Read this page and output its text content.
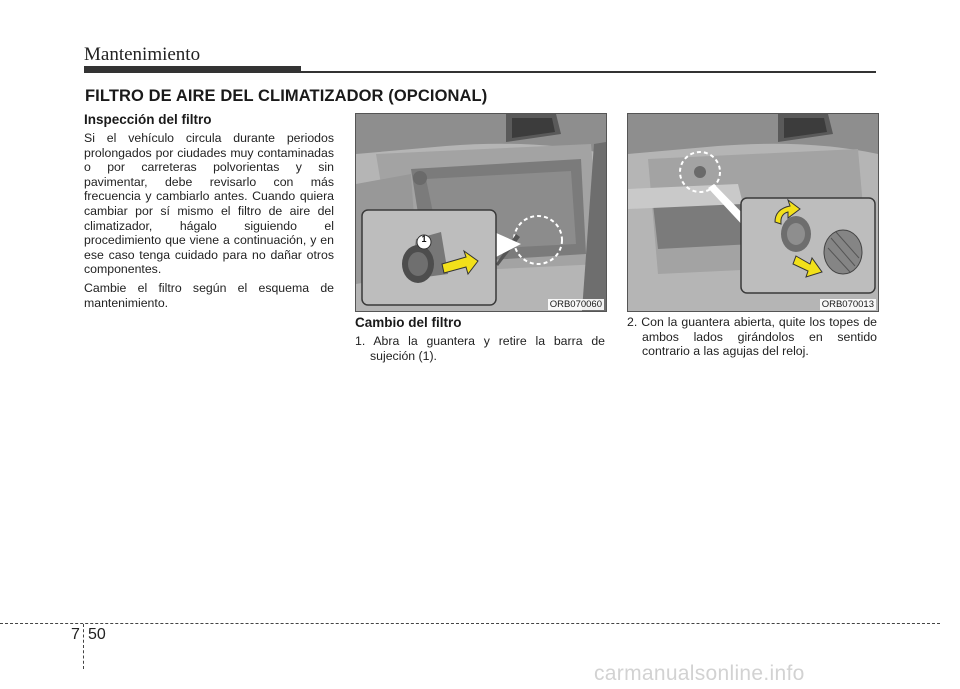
Mantenimiento
FILTRO DE AIRE DEL CLIMATIZADOR (OPCIONAL)
Inspección del filtro

Si el vehículo circula durante periodos prolongados por ciudades muy contaminadas o por carreteras polvorientas y sin pavimentar, debe revisarlo con más frecuencia y cambiarlo antes. Cuando quiera cambiar por sí mismo el filtro de aire del climatizador, hágalo siguiendo el procedimiento que viene a continuación, y en ese caso tenga cuidado para no dañar otros componentes.

Cambie el filtro según el esquema de mantenimiento.	ORB070060
1
ORB070013
Cambio del filtro

1. Abra la guantera y retire la barra de sujeción (1).

2. Con la guantera abierta, quite los topes de ambos lados girándolos en sentido contrario a las agujas del reloj.

7 50
carmanualsonline.info
